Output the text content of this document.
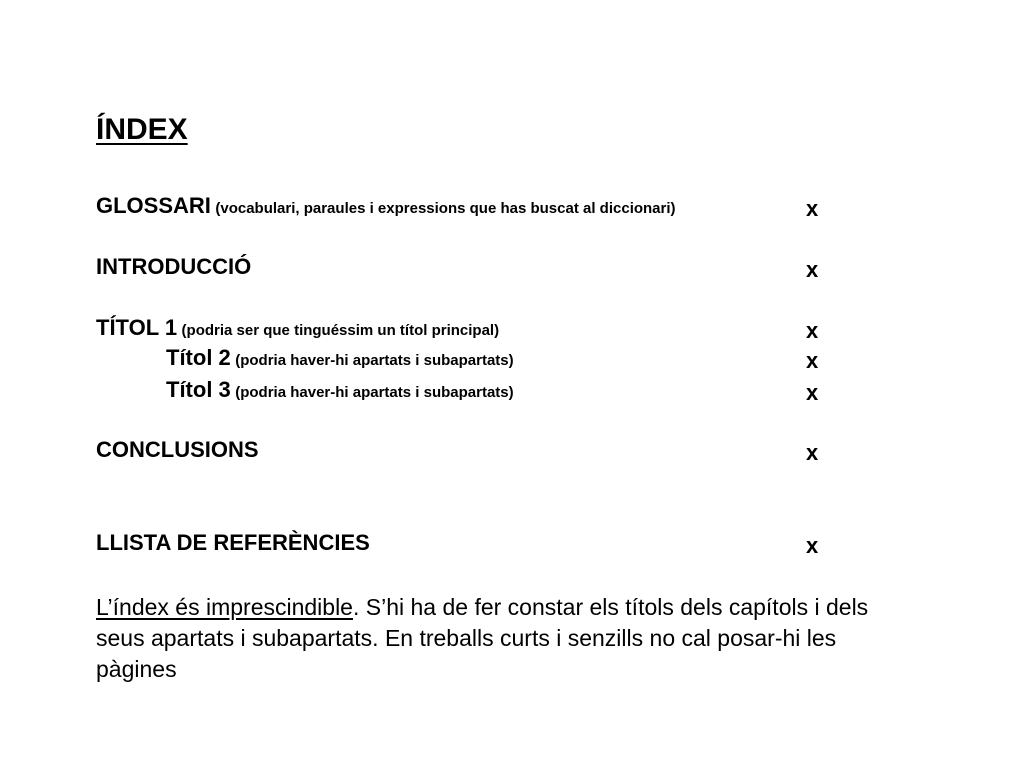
ÍNDEX
GLOSSARI (vocabulari, paraules i expressions que has buscat al diccionari)	x
INTRODUCCIÓ	x
TÍTOL 1 (podria ser que tinguéssim un títol principal)	x
Títol 2 (podria haver-hi apartats i subapartats)	x
Títol 3 (podria haver-hi apartats i subapartats)	x
CONCLUSIONS	x
LLISTA DE REFERÈNCIES	x

L’índex és imprescindible. S’hi ha de fer constar els títols dels capítols i dels seus apartats i subapartats. En treballs curts i senzills no cal posar-hi les pàgines
